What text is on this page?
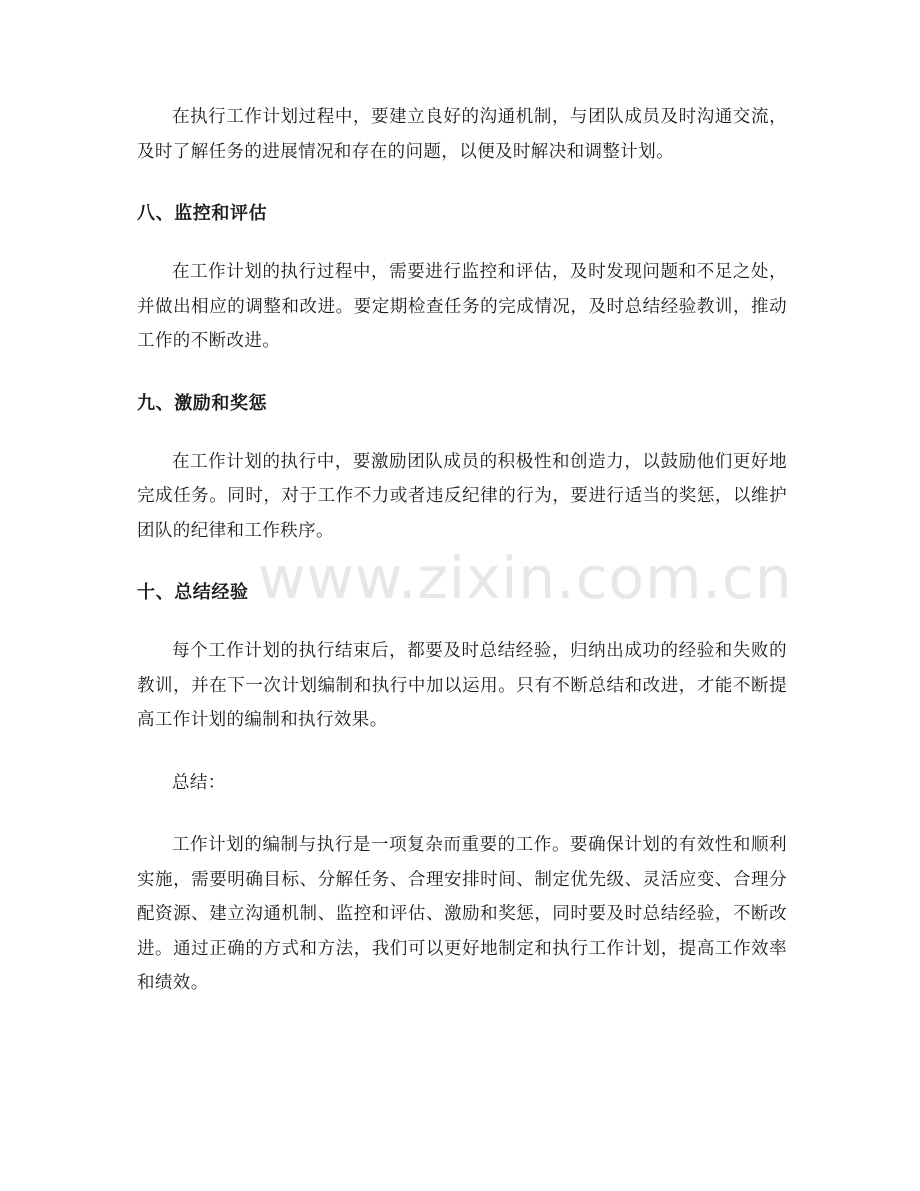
在执行工作计划过程中，要建立良好的沟通机制，与团队成员及时沟通交流，及时了解任务的进展情况和存在的问题，以便及时解决和调整计划。

八、监控和评估

在工作计划的执行过程中，需要进行监控和评估，及时发现问题和不足之处，并做出相应的调整和改进。要定期检查任务的完成情况，及时总结经验教训，推动工作的不断改进。

九、激励和奖惩

在工作计划的执行中，要激励团队成员的积极性和创造力，以鼓励他们更好地完成任务。同时，对于工作不力或者违反纪律的行为，要进行适当的奖惩，以维护团队的纪律和工作秩序。

十、总结经验

每个工作计划的执行结束后，都要及时总结经验，归纳出成功的经验和失败的教训，并在下一次计划编制和执行中加以运用。只有不断总结和改进，才能不断提高工作计划的编制和执行效果。

总结：

工作计划的编制与执行是一项复杂而重要的工作。要确保计划的有效性和顺利实施，需要明确目标、分解任务、合理安排时间、制定优先级、灵活应变、合理分配资源、建立沟通机制、监控和评估、激励和奖惩，同时要及时总结经验，不断改进。通过正确的方式和方法，我们可以更好地制定和执行工作计划，提高工作效率和绩效。

www.zixin.com.cn
